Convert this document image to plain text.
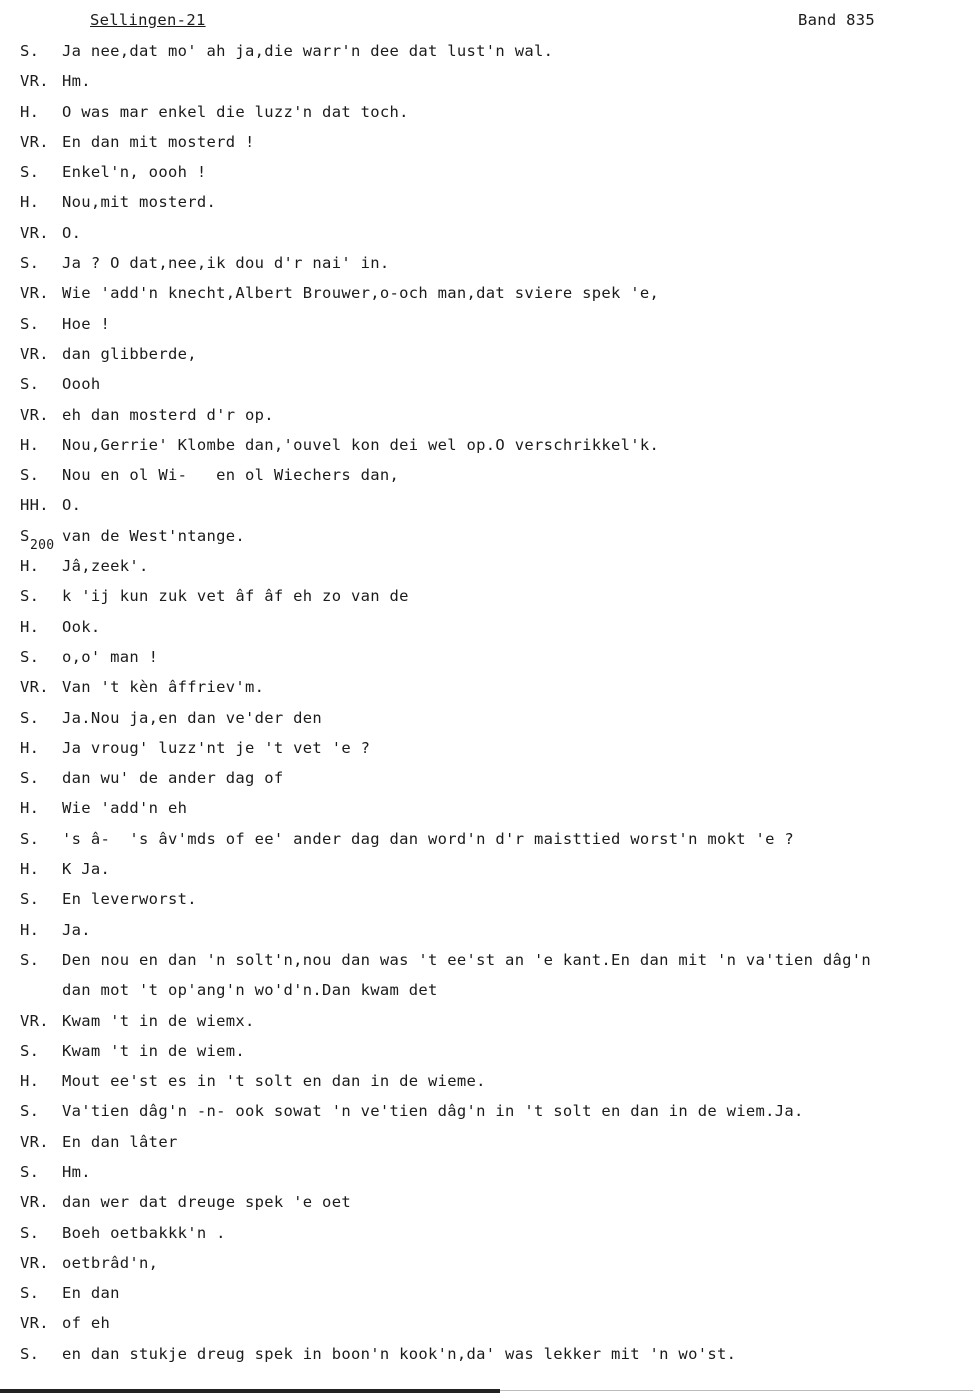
Sellingen-21	Band 835
S. Ja nee,dat mo' ah ja,die warr'n dee dat lust'n wal.
VR. Hm.
H. O was mar enkel die luzz'n dat toch.
VR. En dan mit mosterd !
S. Enkel'n, oooh !
H. Nou,mit mosterd.
VR. O.
S. Ja ? O dat,nee,ik dou d'r nai' in.
VR. Wie 'add'n knecht,Albert Brouwer,o-och man,dat sviere spek 'e,
S. Hoe !
VR. dan glibberde,
S. Oooh
VR. eh dan mosterd d'r op.
H. Nou,Gerrie' Klombe dan,'ouvel kon dei wel op.O verschrikkel'k.
S. Nou en ol Wi-   en ol Wiechers dan,
HH. O.
S
200
van de West'ntange.
H. Jâ,zeek'.
S. k 'ij kun zuk vet âf âf eh zo van de
H. Ook.
S. o,o' man !
VR. Van 't kèn âffriev'm.
S. Ja.Nou ja,en dan ve'der den
H. Ja vroug' luzz'nt je 't vet 'e ?
S. dan wu' de ander dag of
H. Wie 'add'n eh
S. 's â-  's âv'mds of ee' ander dag dan word'n d'r maisttied worst'n mokt 'e ?
H. K Ja.
S. En leverworst.
H. Ja.
S. Den nou en dan 'n solt'n,nou dan was 't ee'st an 'e kant.En dan mit 'n va'tien dâg'n
dan mot 't op'ang'n wo'd'n.Dan kwam det
VR. Kwam 't in de wiemx.
S. Kwam 't in de wiem.
H. Mout ee'st es in 't solt en dan in de wieme.
S. Va'tien dâg'n -n- ook sowat 'n ve'tien dâg'n in 't solt en dan in de wiem.Ja.
VR. En dan lâter
S. Hm.
VR. dan wer dat dreuge spek 'e oet
S. Boeh oetbakkk'n .
VR. oetbrâd'n,
S. En dan
VR. of eh
S. en dan stukje dreug spek in boon'n kook'n,da' was lekker mit 'n wo'st.
